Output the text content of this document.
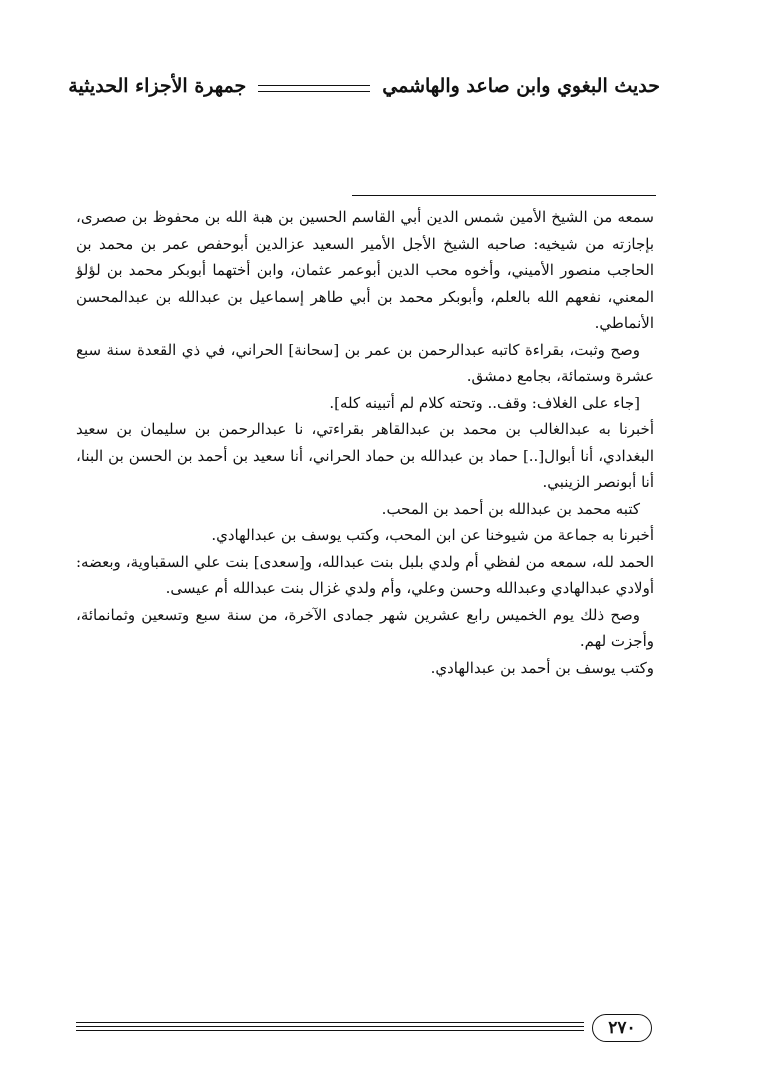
حديث البغوي وابن صاعد والهاشمي
جمهرة الأجزاء الحديثية

سمعه من الشيخ الأمين شمس الدين أبي القاسم الحسين بن هبة الله بن محفوظ بن صصرى، بإجازته من شيخيه: صاحبه الشيخ الأجل الأمير السعيد عزالدين أبوحفص عمر بن محمد بن الحاجب منصور الأميني، وأخوه محب الدين أبوعمر عثمان، وابن أختهما أبوبكر محمد بن لؤلؤ المعني، نفعهم الله بالعلم، وأبوبكر محمد بن أبي طاهر إسماعيل بن عبدالله بن عبدالمحسن الأنماطي.

وصح وثبت، بقراءة كاتبه عبدالرحمن بن عمر بن [سحانة] الحراني، في ذي القعدة سنة سبع عشرة وستمائة، بجامع دمشق.

[جاء على الغلاف: وقف.. وتحته كلام لم أتبينه كله].

أخبرنا به عبدالغالب بن محمد بن عبدالقاهر بقراءتي، نا عبدالرحمن بن سليمان بن سعيد البغدادي، أنا أبوال[..] حماد بن عبدالله بن حماد الحراني، أنا سعيد بن أحمد بن الحسن بن البنا، أنا أبونصر الزينبي.

كتبه محمد بن عبدالله بن أحمد بن المحب.

أخبرنا به جماعة من شيوخنا عن ابن المحب، وكتب يوسف بن عبدالهادي.

الحمد لله، سمعه من لفظي أم ولدي بلبل بنت عبدالله، و[سعدى] بنت علي السقباوية، وبعضه: أولادي عبدالهادي وعبدالله وحسن وعلي، وأم ولدي غزال بنت عبدالله أم عيسى.

وصح ذلك يوم الخميس رابع عشرين شهر جمادى الآخرة، من سنة سبع وتسعين وثمانمائة، وأجزت لهم.

وكتب يوسف بن أحمد بن عبدالهادي.

٢٧٠
